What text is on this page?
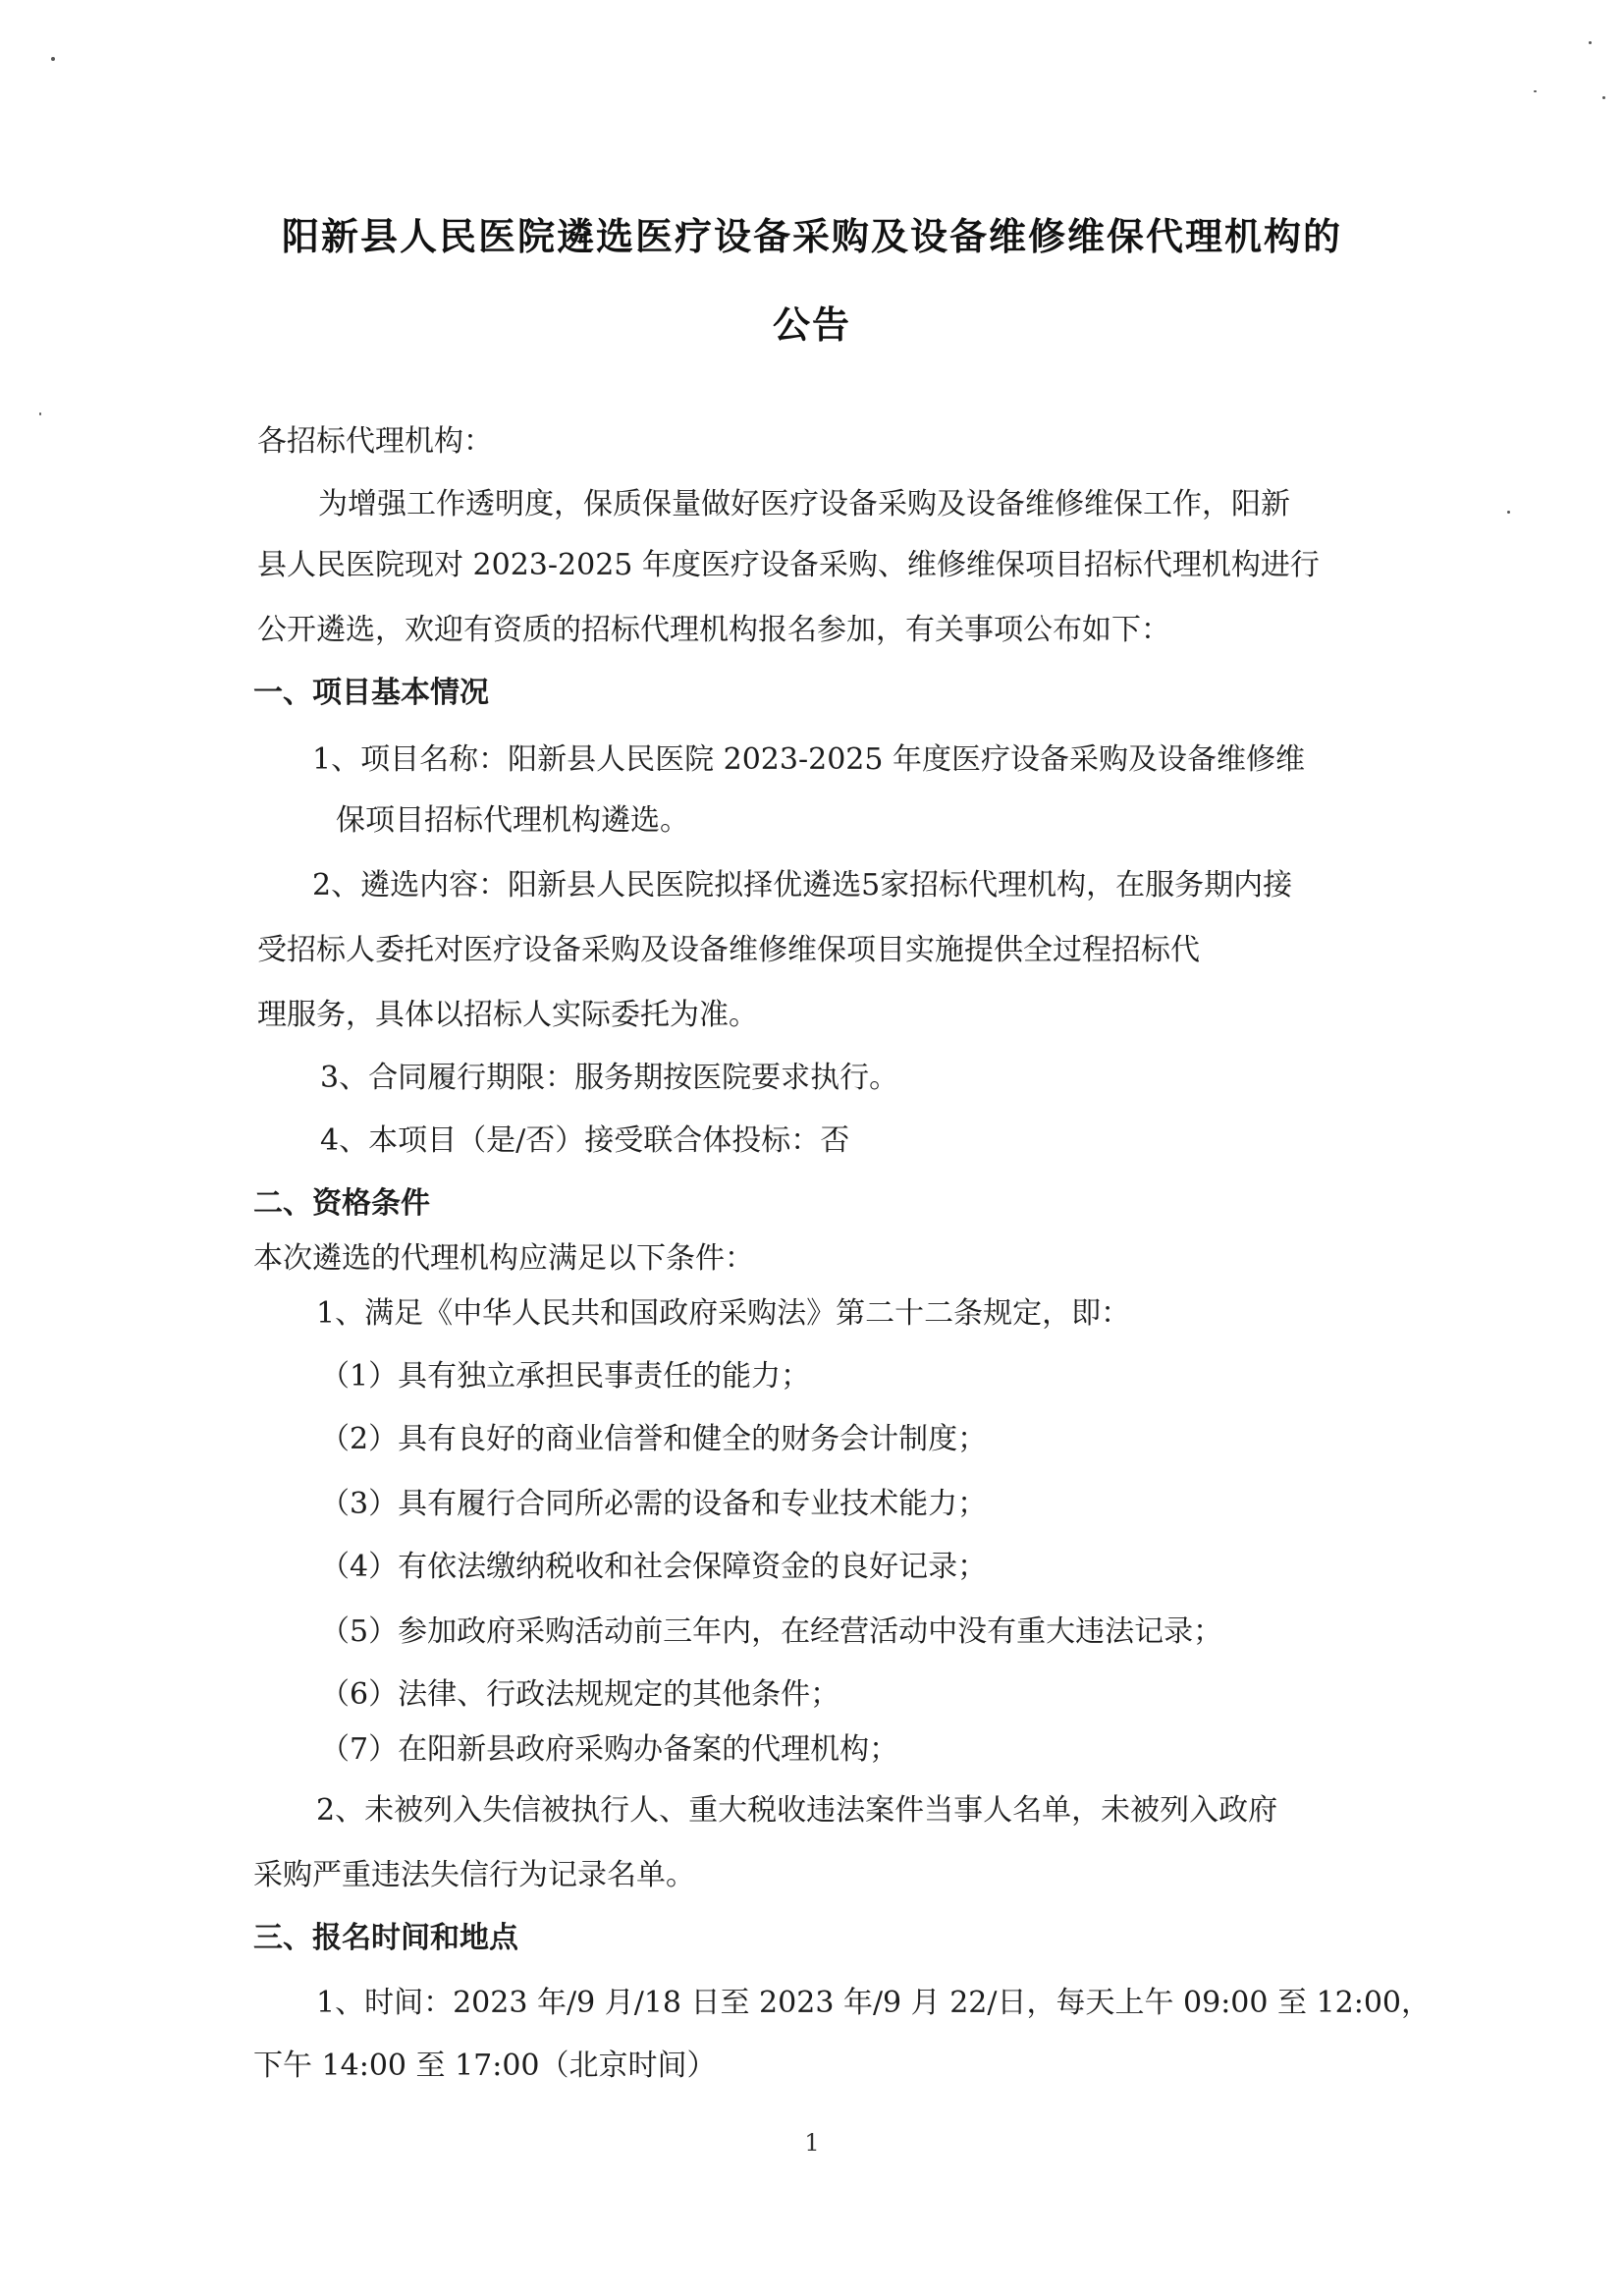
阳新县人民医院遴选医疗设备采购及设备维修维保代理机构的
公告
各招标代理机构：
为增强工作透明度，保质保量做好医疗设备采购及设备维修维保工作，阳新
县人民医院现对 2023-2025 年度医疗设备采购、维修维保项目招标代理机构进行
公开遴选，欢迎有资质的招标代理机构报名参加，有关事项公布如下：
一、项目基本情况
1、项目名称：阳新县人民医院 2023-2025 年度医疗设备采购及设备维修维
保项目招标代理机构遴选。
2、遴选内容：阳新县人民医院拟择优遴选5家招标代理机构，在服务期内接
受招标人委托对医疗设备采购及设备维修维保项目实施提供全过程招标代
理服务，具体以招标人实际委托为准。
3、合同履行期限：服务期按医院要求执行。
4、本项目（是/否）接受联合体投标：否
二、资格条件
本次遴选的代理机构应满足以下条件：
1、满足《中华人民共和国政府采购法》第二十二条规定，即：
（1）具有独立承担民事责任的能力；
（2）具有良好的商业信誉和健全的财务会计制度；
（3）具有履行合同所必需的设备和专业技术能力；
（4）有依法缴纳税收和社会保障资金的良好记录；
（5）参加政府采购活动前三年内，在经营活动中没有重大违法记录；
（6）法律、行政法规规定的其他条件；
（7）在阳新县政府采购办备案的代理机构；
2、未被列入失信被执行人、重大税收违法案件当事人名单，未被列入政府
采购严重违法失信行为记录名单。
三、报名时间和地点
1、时间：2023 年/9 月/18 日至 2023 年/9 月 22/日，每天上午 09:00 至 12:00，
下午 14:00 至 17:00（北京时间）
1
